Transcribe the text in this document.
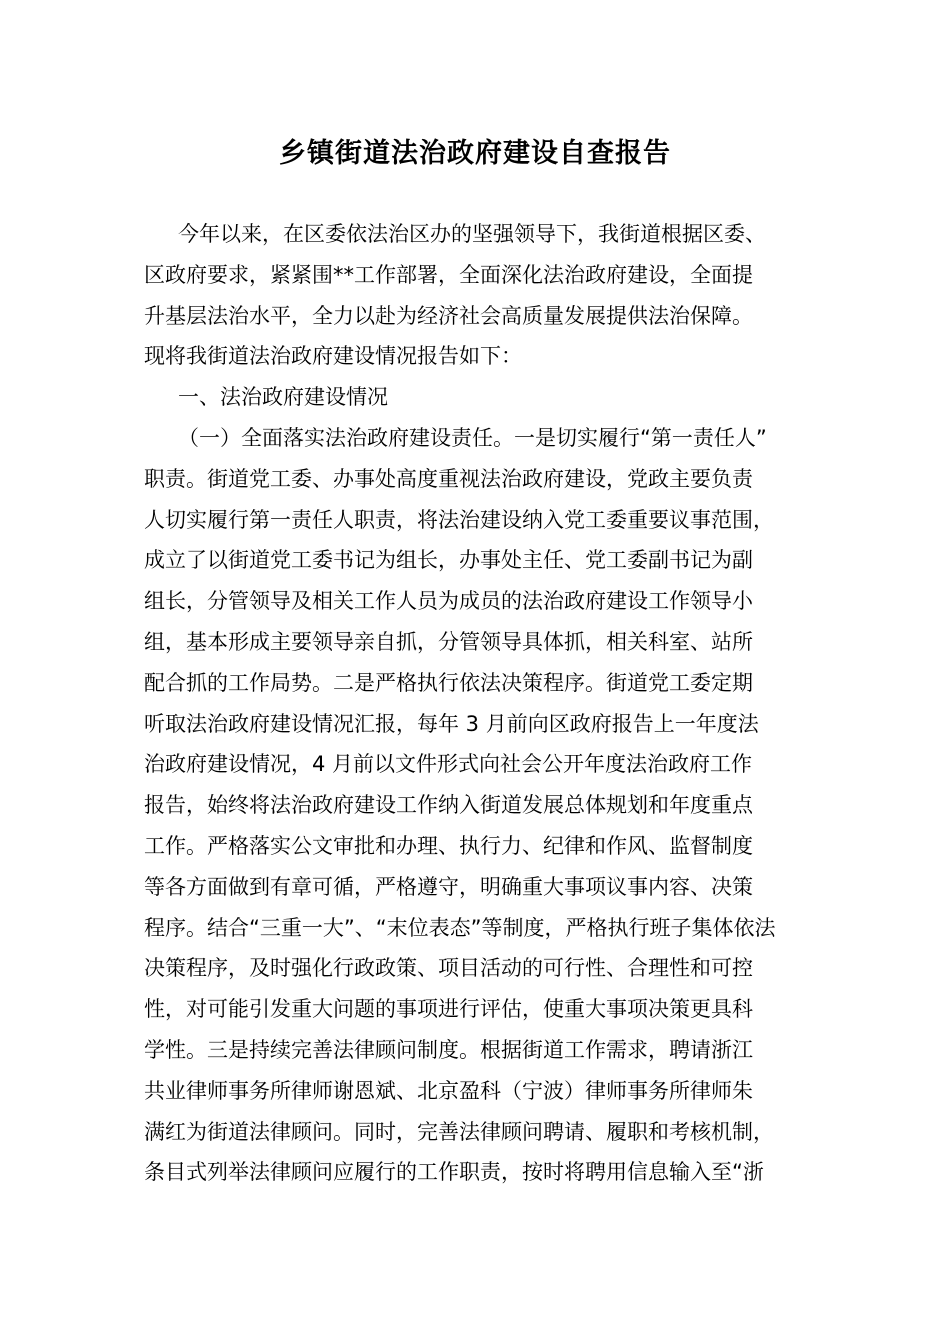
乡镇街道法治政府建设自查报告
今年以来，在区委依法治区办的坚强领导下，我街道根据区委、
区政府要求，紧紧围**工作部署，全面深化法治政府建设，全面提
升基层法治水平，全力以赴为经济社会高质量发展提供法治保障。
现将我街道法治政府建设情况报告如下：
一、法治政府建设情况
（一）全面落实法治政府建设责任。一是切实履行“第一责任人”
职责。街道党工委、办事处高度重视法治政府建设，党政主要负责
人切实履行第一责任人职责，将法治建设纳入党工委重要议事范围，
成立了以街道党工委书记为组长，办事处主任、党工委副书记为副
组长，分管领导及相关工作人员为成员的法治政府建设工作领导小
组，基本形成主要领导亲自抓，分管领导具体抓，相关科室、站所
配合抓的工作局势。二是严格执行依法决策程序。街道党工委定期
听取法治政府建设情况汇报，每年 3 月前向区政府报告上一年度法
治政府建设情况，4 月前以文件形式向社会公开年度法治政府工作
报告，始终将法治政府建设工作纳入街道发展总体规划和年度重点
工作。严格落实公文审批和办理、执行力、纪律和作风、监督制度
等各方面做到有章可循，严格遵守，明确重大事项议事内容、决策
程序。结合“三重一大”、“末位表态”等制度，严格执行班子集体依法
决策程序，及时强化行政政策、项目活动的可行性、合理性和可控
性，对可能引发重大问题的事项进行评估，使重大事项决策更具科
学性。三是持续完善法律顾问制度。根据街道工作需求，聘请浙江
共业律师事务所律师谢恩斌、北京盈科（宁波）律师事务所律师朱
满红为街道法律顾问。同时，完善法律顾问聘请、履职和考核机制，
条目式列举法律顾问应履行的工作职责，按时将聘用信息输入至“浙
